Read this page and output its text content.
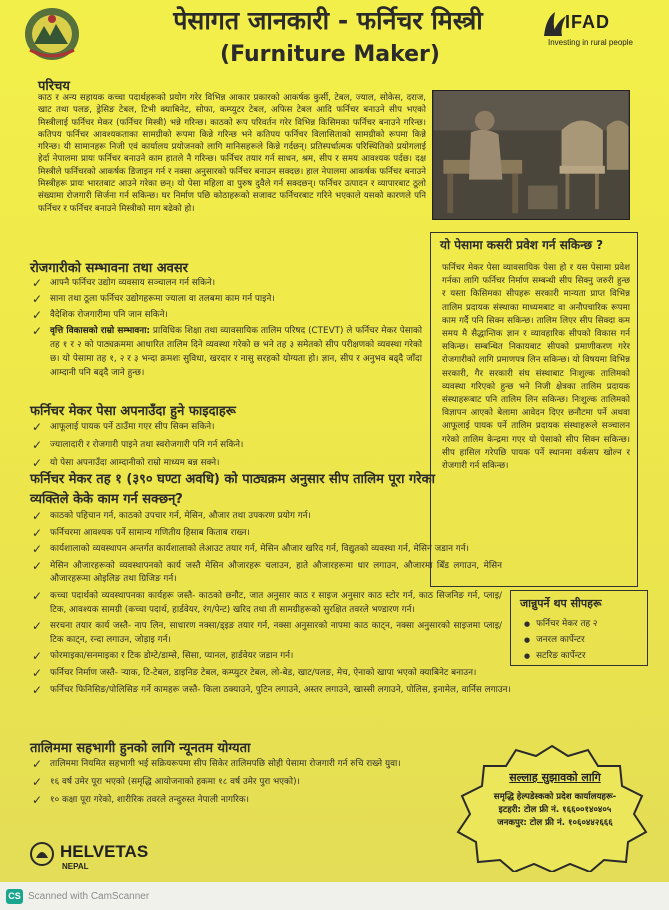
पेसागत जानकारी - फर्निचर मिस्त्री
(Furniture Maker)
IFAD
Investing in rural people
परिचय
काठ र अन्य सहायक कच्चा पदार्थहरूको प्रयोग गरेर विभिन्न आकार प्रकारको आकर्षक कुर्सी, टेबल, ज्याल, सोकेस, दराज, खाट तथा पलङ, ड्रेसिङ टेबल, टिभी क्याबिनेट, सोफा, कम्प्युटर टेबल, अफिस टेबल आदि फर्निचर बनाउने सीप भएको मिस्त्रीलाई फर्निचर मेकर (फर्निचर मिस्त्री) भन्ने गरिन्छ। काठको रूप परिवर्तन गरेर विभिन्न किसिमका फर्निचर बनाउने गरिन्छ। कतिपय फर्निचर आवश्यकताका सामग्रीको रूपमा किन्ने गरिन्छ भने कतिपय फर्निचर विलासिताको सामग्रीको रूपमा किन्ने गरिन्छ। यी सामानहरू निजी एवं कार्यालय प्रयोजनको लागि मानिसहरूले किन्ने गर्दछन्। प्रतिस्पर्धात्मक परिस्थितिको प्रयोगलाई हेर्दा नेपालमा प्रायः फर्निचर बनाउने काम हातले नै गरिन्छ। फर्निचर तयार गर्न साधन, श्रम, सीप र समय आवश्यक पर्दछ। दक्ष मिस्त्रीले फर्निचरको आकर्षक डिजाइन गर्न र नक्सा अनुसारको फर्निचर बनाउन सक्दछ। हाल नेपालमा आकर्षक फर्निचर बनाउने मिस्त्रीहरू प्रायः भारतबाट आउने गरेका छन्। यो पेसा महिला वा पुरुष दुवैले गर्न सक्दछन्। फर्निचर उत्पादन र व्यापारबाट ठूलो संख्यामा रोजगारी सिर्जना गर्न सकिन्छ। घर निर्माण पछि कोठाहरूको सजावट फर्निचरबाट गरिने भएकाले यसको कारणले पनि फर्निचर र फर्निचर बनाउने मिस्त्रीको माग बढेको हो।
यो पेसामा कसरी प्रवेश गर्न सकिन्छ ?
फर्निचर मेकर पेसा व्यावसायिक पेसा हो र यस पेसामा प्रवेश गर्नका लागि फर्निचर निर्माण सम्बन्धी सीप सिक्नु जरुरी हुन्छ र यस्ता किसिमका सीपहरू सरकारी मान्यता प्राप्त विभिन्न तालिम प्रदायक संस्थाका माध्यमबाट वा अनौपचारिक रूपमा काम गर्दै पनि सिक्न सकिन्छ। तालिम लिएर सीप सिक्दा कम समय मै सैद्धान्तिक ज्ञान र व्यावहारिक सीपको विकास गर्न सकिन्छ। सम्बन्धित निकायबाट सीपको प्रमाणीकरण गरेर रोजगारीको लागि प्रमाणपत्र लिन सकिन्छ। यो विषयमा विभिन्न सरकारी, गैर सरकारी संघ संस्थाबाट निःशुल्क तालिमको व्यवस्था गरिएको हुन्छ भने निजी क्षेत्रका तालिम प्रदायक संस्थाहरूबाट पनि तालिम लिन सकिन्छ। निःशुल्क तालिमको विज्ञापन आएको बेलामा आवेदन दिएर छनौटमा पर्ने अथवा आफूलाई पायक पर्ने तालिम प्रदायक संस्थाहरूले सञ्चालन गरेको तालिम केन्द्रमा गएर यो पेसाको सीप सिक्न सकिन्छ। सीप हासिल गरेपछि पायक पर्ने स्थानमा वर्कसप खोल्न र रोजगारी गर्न सकिन्छ।
रोजगारीको सम्भावना तथा अवसर
✓ आफ्नै फर्निचर उद्योग व्यवसाय सञ्चालन गर्न सकिने।
✓ साना तथा ठूला फर्निचर उद्योगहरूमा ज्याला वा तलबमा काम गर्न पाइने।
✓ वैदेशिक रोजगारीमा पनि जान सकिने।
✓ वृत्ति विकासको राम्रो सम्भावना: प्राविधिक शिक्षा तथा व्यावसायिक तालिम परिषद (CTEVT) ले फर्निचर मेकर पेसाको तह १ र २ को पाठ्यक्रममा आधारित तालिम दिने व्यवस्था गरेको छ भने तह ३ समेतको सीप परीक्षणको व्यवस्था गरेको छ। यो पेसामा तह १, २ र ३ भन्दा क्रमशः सुविधा, खरदार र नासु सरहको योग्यता हो। ज्ञान, सीप र अनुभव बढ्दै जाँदा आम्दानी पनि बढ्दै जाने हुन्छ।
फर्निचर मेकर पेसा अपनाउँदा हुने फाइदाहरू
✓ आफूलाई पायक पर्ने ठाउँमा गएर सीप सिक्न सकिने।
✓ ज्यालादारी र रोजगारी पाइने तथा स्वरोजगारी पनि गर्न सकिने।
✓ यो पेसा अपनाउँदा आम्दानीको राम्रो माध्यम बन्न सक्ने।
फर्निचर मेकर तह १ (३९० घण्टा अवधि) को पाठ्यक्रम अनुसार सीप तालिम पूरा गरेका व्यक्तिले केके काम गर्न सक्छन्?
✓ काठको पहिचान गर्न, काठको उपचार गर्न, मेसिन, औजार तथा उपकरण प्रयोग गर्न।
✓ फर्निचरमा आवश्यक पर्ने सामान्य गणितीय हिसाब किताब राख्न।
✓ कार्यशालाको व्यवस्थापन अन्तर्गत कार्यशालाको लेआउट तयार गर्न, मेसिन औजार खरिद गर्न, विद्युतको व्यवस्था गर्न, मेसिन जडान गर्न।
✓ मेसिन औजारहरूको व्यवस्थापनको कार्य जस्तै मेसिन औजारहरू चलाउन, हाते औजारहरूमा धार लगाउन, औजारमा बिँड लगाउन, मेसिन औजारहरूमा ओइलिङ तथा ग्रिजिङ गर्न।
✓ कच्चा पदार्थको व्यवस्थापनका कार्यहरू जस्तै- काठको छनौट, जात अनुसार काठ र साइज अनुसार काठ स्टोर गर्न, काठ सिजनिङ गर्न, प्लाइ/टिक, आवश्यक सामग्री (कच्चा पदार्थ, हार्डवेयर, रंग/पेन्ट) खरिद तथा ती सामग्रीहरूको सुरक्षित तवरले भण्डारण गर्न।
✓ सरचना तयार कार्य जस्तै- नाप लिन, साधारण नक्सा/ड्इङ तयार गर्न, नक्सा अनुसारको नापमा काठ काट्न, नक्सा अनुसारको साइजमा प्लाइ/टिक काट्न, रन्दा लगाउन, जोड़ाइ गर्न।
✓ फोरमाइका/सनमाइका र टिक डोम्टे/डाम्से, सिसा, प्यानल, हार्डवेयर जडान गर्न।
✓ फर्निचर निर्माण जस्तै- र्‍याक, टि-टेबल, डाइनिङ टेबल, कम्प्युटर टेबल, लो-बेड, खाट/पलङ, मेच, ऐनाको खापा भएको क्याबिनेट बनाउन।
✓ फर्निचर फिनिसिङ/पोलिसिङ गर्ने कामहरू जस्तै- किला ठक्याउने, पुटिन लगाउने, अस्तर लगाउने, खास्सी लगाउने, पोलिस, इनामेल, वार्निस लगाउन।
जान्नुपर्ने थप सीपहरू
● फर्निचर मेकर तह २
● जनरल कार्पेन्टर
● सटरिङ कार्पेन्टर
तालिममा सहभागी हुनको लागि न्यूनतम योग्यता
✓ तालिममा नियमित सहभागी भई सक्रियरूपमा सीप सिकेर तालिमपछि सोही पेसामा रोजगारी गर्न रुचि राख्ने युवा।
✓ १६ वर्ष उमेर पूरा भएको (समृद्धि आयोजनाको हकमा १८ वर्ष उमेर पुरा भएको)।
✓ १० कक्षा पूरा गरेको, शारीरिक तवरले तन्दुरुस्त नेपाली नागरिक।
सल्लाह सुझावको लागि
समृद्धि हेल्पडेस्कको प्रदेश कार्यालयहरू-
इटहरी: टोल फ्री नं. १६६००१४०४०५
जनकपुर: टोल फ्री नं. १०६०४४२६६६
HELVETAS
NEPAL
CS Scanned with CamScanner
